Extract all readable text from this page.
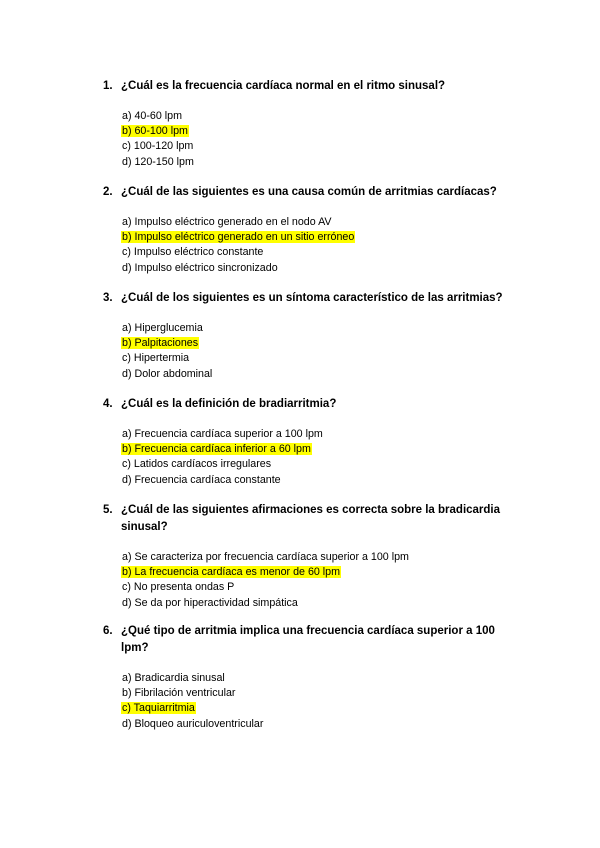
1. ¿Cuál es la frecuencia cardíaca normal en el ritmo sinusal?
a) 40-60 lpm
b) 60-100 lpm
c) 100-120 lpm
d) 120-150 lpm
2. ¿Cuál de las siguientes es una causa común de arritmias cardíacas?
a) Impulso eléctrico generado en el nodo AV
b) Impulso eléctrico generado en un sitio erróneo
c) Impulso eléctrico constante
d) Impulso eléctrico sincronizado
3. ¿Cuál de los siguientes es un síntoma característico de las arritmias?
a) Hiperglucemia
b) Palpitaciones
c) Hipertermia
d) Dolor abdominal
4. ¿Cuál es la definición de bradiarritmia?
a) Frecuencia cardíaca superior a 100 lpm
b) Frecuencia cardíaca inferior a 60 lpm
c) Latidos cardíacos irregulares
d) Frecuencia cardíaca constante
5. ¿Cuál de las siguientes afirmaciones es correcta sobre la bradicardia sinusal?
a) Se caracteriza por frecuencia cardíaca superior a 100 lpm
b) La frecuencia cardíaca es menor de 60 lpm
c) No presenta ondas P
d) Se da por hiperactividad simpática
6. ¿Qué tipo de arritmia implica una frecuencia cardíaca superior a 100 lpm?
a) Bradicardia sinusal
b) Fibrilación ventricular
c) Taquiarritmia
d) Bloqueo auriculoventricular
